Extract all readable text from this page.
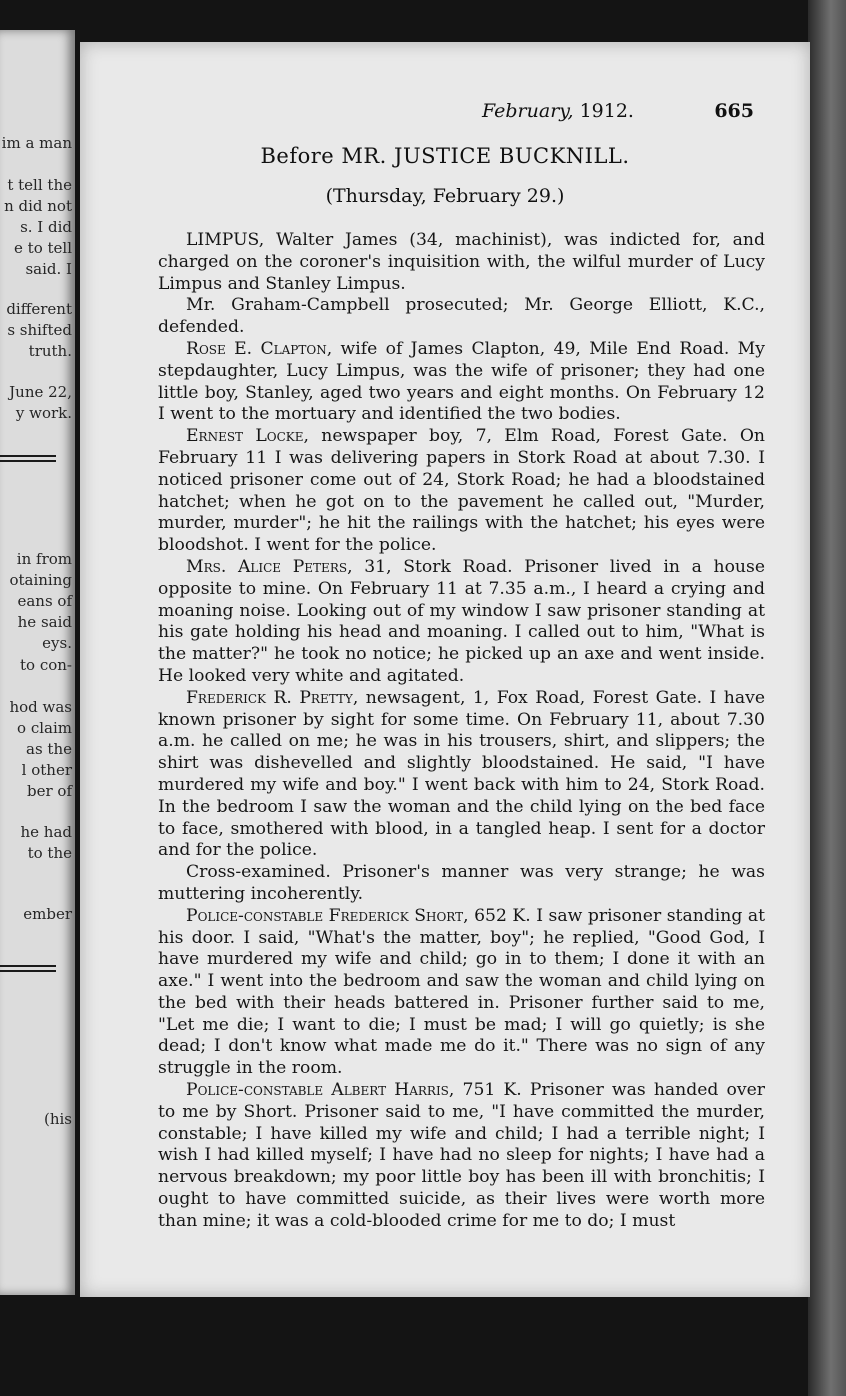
im a man
t tell the
n did not
s. I did
e to tell
said. I
different
s shifted
truth.
June 22,
y work.
in from
otaining
eans of
he said
eys.
to con-
hod was
o claim
as the
l other
ber of
he had
to the
ember
(his
February, 1912.	665
Before MR. JUSTICE BUCKNILL.
(Thursday, February 29.)

LIMPUS, Walter James (34, machinist), was indicted for, and charged on the coroner's inquisition with, the wilful murder of Lucy Limpus and Stanley Limpus.

Mr. Graham-Campbell prosecuted; Mr. George Elliott, K.C., defended.

Rose E. Clapton, wife of James Clapton, 49, Mile End Road. My stepdaughter, Lucy Limpus, was the wife of prisoner; they had one little boy, Stanley, aged two years and eight months. On February 12 I went to the mortuary and identified the two bodies.

Ernest Locke, newspaper boy, 7, Elm Road, Forest Gate. On February 11 I was delivering papers in Stork Road at about 7.30. I noticed prisoner come out of 24, Stork Road; he had a bloodstained hatchet; when he got on to the pavement he called out, "Murder, murder, murder"; he hit the railings with the hatchet; his eyes were bloodshot. I went for the police.

Mrs. Alice Peters, 31, Stork Road. Prisoner lived in a house opposite to mine. On February 11 at 7.35 a.m., I heard a crying and moaning noise. Looking out of my window I saw prisoner standing at his gate holding his head and moaning. I called out to him, "What is the matter?" he took no notice; he picked up an axe and went inside. He looked very white and agitated.

Frederick R. Pretty, newsagent, 1, Fox Road, Forest Gate. I have known prisoner by sight for some time. On February 11, about 7.30 a.m. he called on me; he was in his trousers, shirt, and slippers; the shirt was dishevelled and slightly bloodstained. He said, "I have murdered my wife and boy." I went back with him to 24, Stork Road. In the bedroom I saw the woman and the child lying on the bed face to face, smothered with blood, in a tangled heap. I sent for a doctor and for the police.

Cross-examined. Prisoner's manner was very strange; he was muttering incoherently.

Police-constable Frederick Short, 652 K. I saw prisoner standing at his door. I said, "What's the matter, boy"; he replied, "Good God, I have murdered my wife and child; go in to them; I done it with an axe." I went into the bedroom and saw the woman and child lying on the bed with their heads battered in. Prisoner further said to me, "Let me die; I want to die; I must be mad; I will go quietly; is she dead; I don't know what made me do it." There was no sign of any struggle in the room.

Police-constable Albert Harris, 751 K. Prisoner was handed over to me by Short. Prisoner said to me, "I have committed the murder, constable; I have killed my wife and child; I had a terrible night; I wish I had killed myself; I have had no sleep for nights; I have had a nervous breakdown; my poor little boy has been ill with bronchitis; I ought to have committed suicide, as their lives were worth more than mine; it was a cold-blooded crime for me to do; I must
